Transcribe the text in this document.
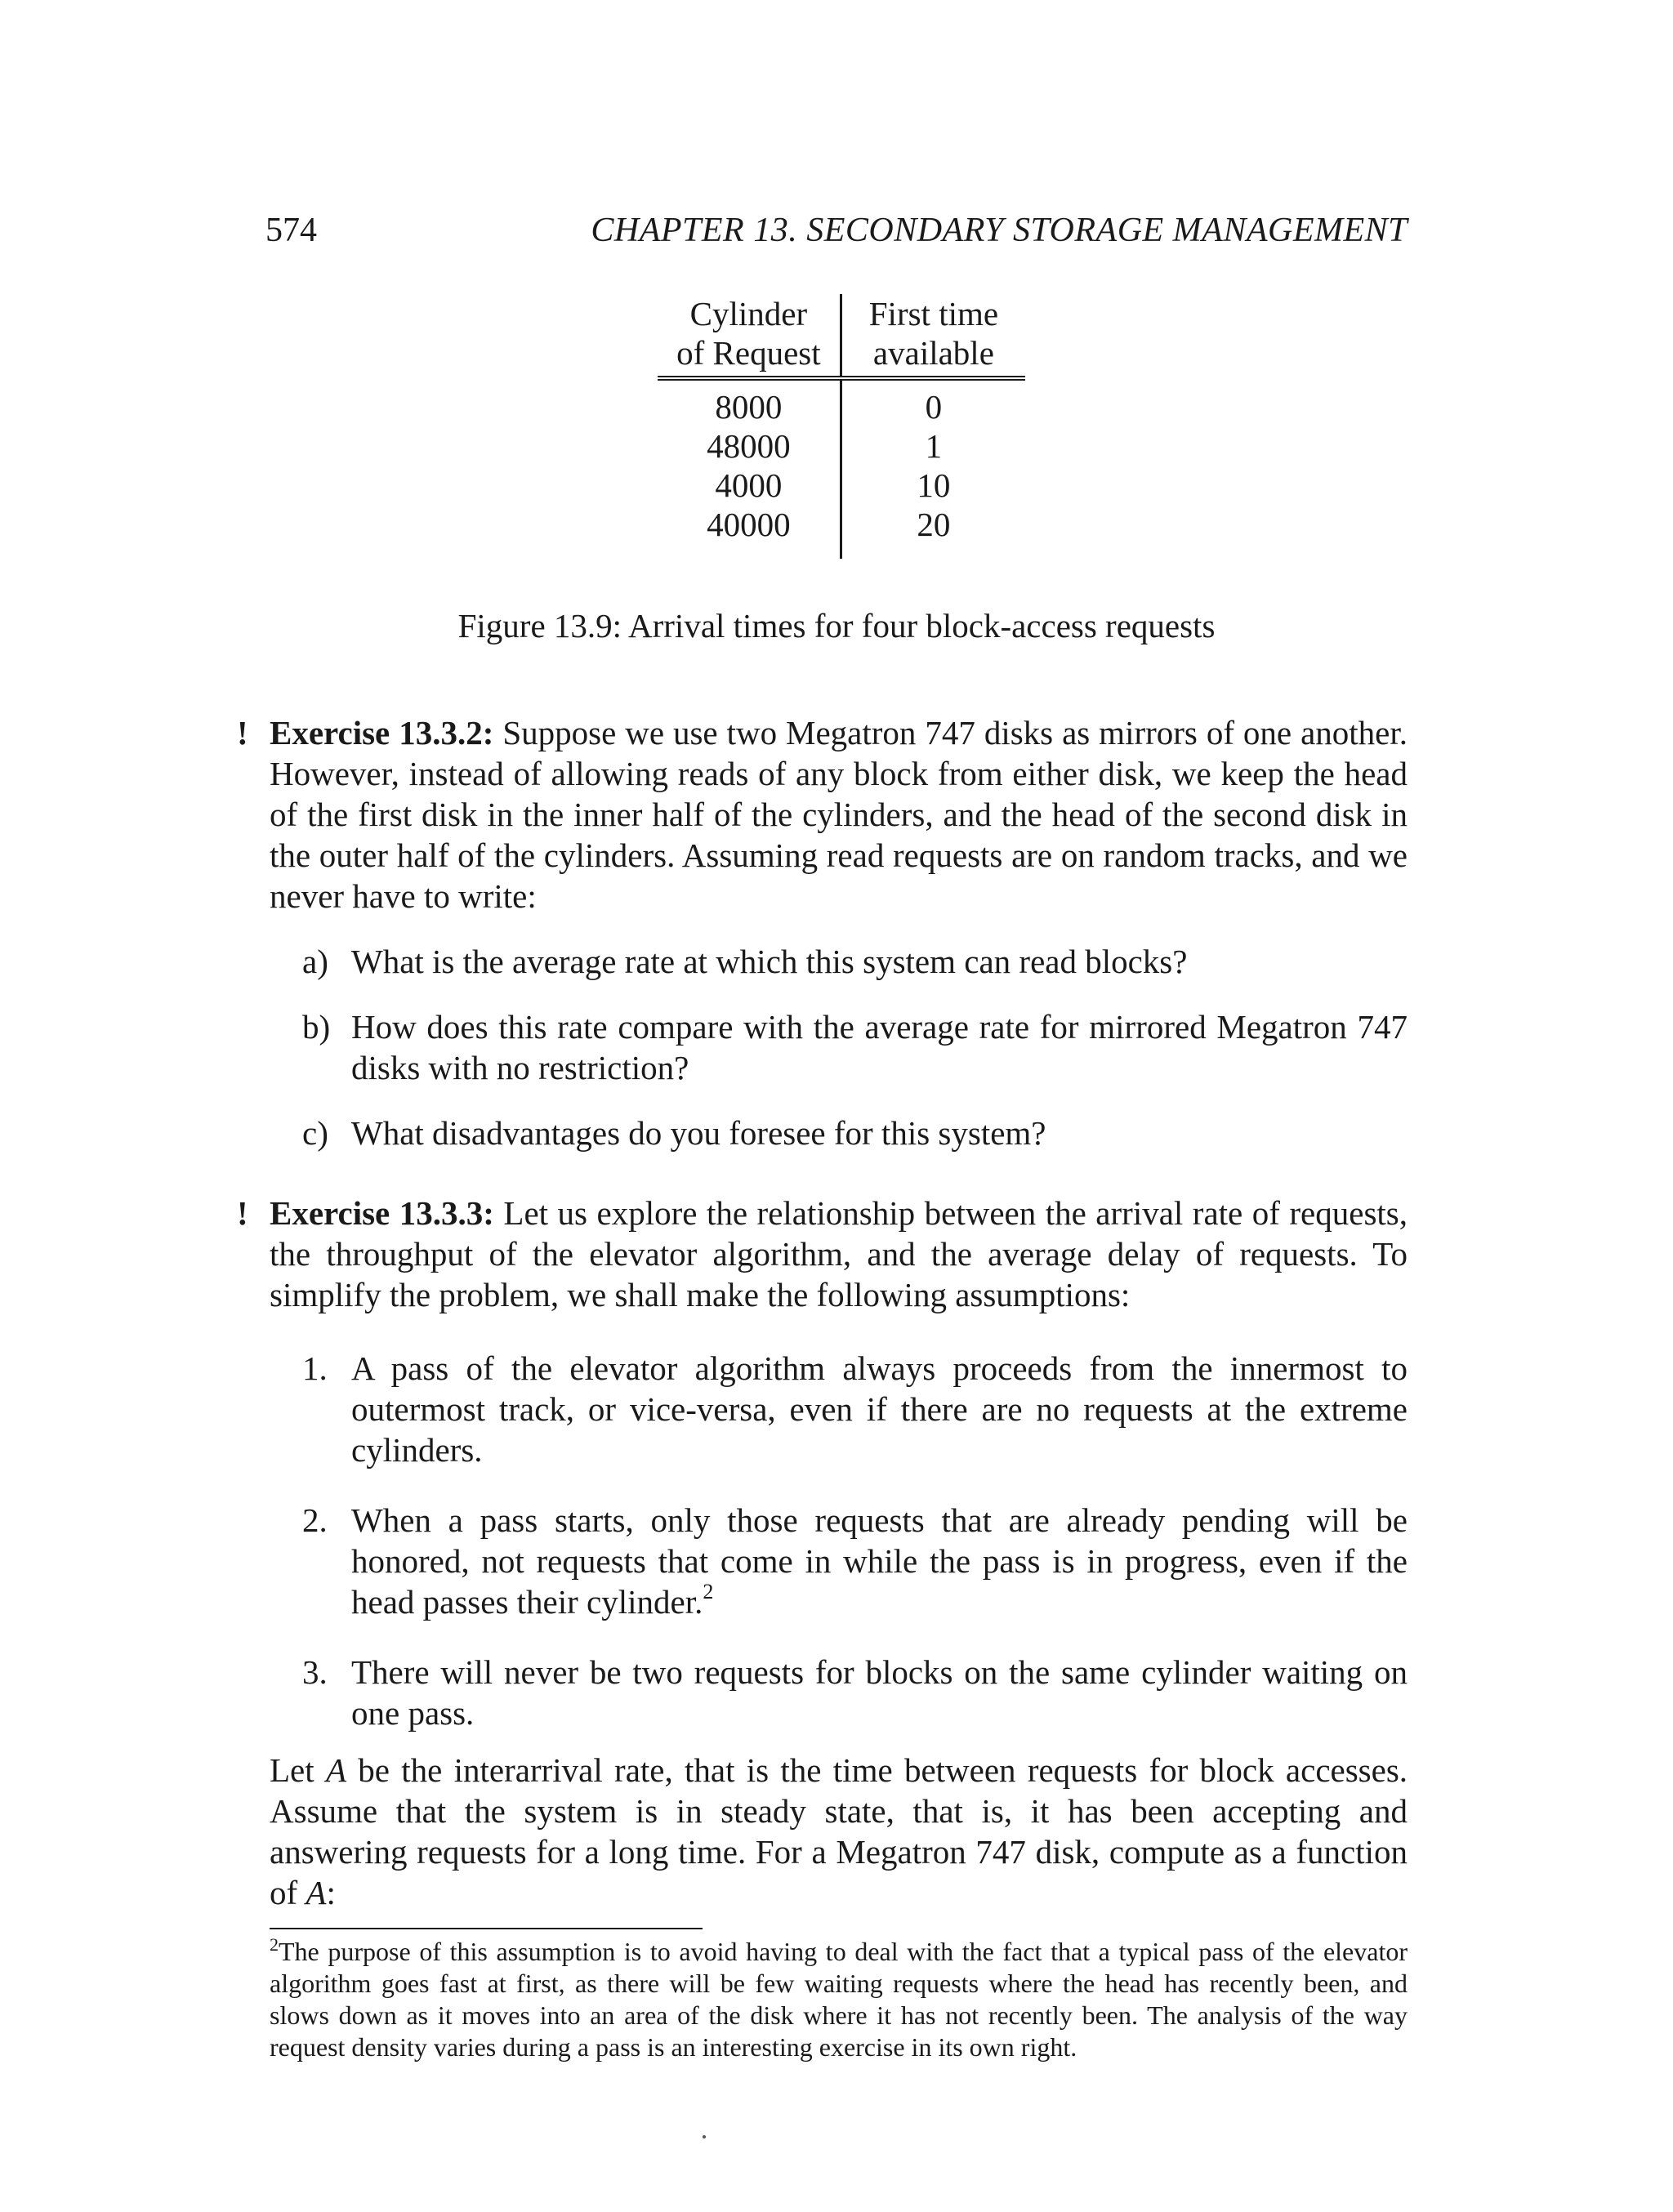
574	CHAPTER 13. SECONDARY STORAGE MANAGEMENT
Cylinder	First time
of Request	available
8000	0
48000	1
4000	10
40000	20
Figure 13.9: Arrival times for four block-access requests
! Exercise 13.3.2: Suppose we use two Megatron 747 disks as mirrors of one another. However, instead of allowing reads of any block from either disk, we keep the head of the first disk in the inner half of the cylinders, and the head of the second disk in the outer half of the cylinders. Assuming read requests are on random tracks, and we never have to write:
a) What is the average rate at which this system can read blocks?
b) How does this rate compare with the average rate for mirrored Megatron 747 disks with no restriction?
c) What disadvantages do you foresee for this system?
! Exercise 13.3.3: Let us explore the relationship between the arrival rate of requests, the throughput of the elevator algorithm, and the average delay of requests. To simplify the problem, we shall make the following assumptions:
1. A pass of the elevator algorithm always proceeds from the innermost to outermost track, or vice-versa, even if there are no requests at the extreme cylinders.
2. When a pass starts, only those requests that are already pending will be honored, not requests that come in while the pass is in progress, even if the head passes their cylinder.$^2$
3. There will never be two requests for blocks on the same cylinder waiting on one pass.
Let A be the interarrival rate, that is the time between requests for block accesses. Assume that the system is in steady state, that is, it has been accepting and answering requests for a long time. For a Megatron 747 disk, compute as a function of A:
$^2$The purpose of this assumption is to avoid having to deal with the fact that a typical pass of the elevator algorithm goes fast at first, as there will be few waiting requests where the head has recently been, and slows down as it moves into an area of the disk where it has not recently been. The analysis of the way request density varies during a pass is an interesting exercise in its own right.
